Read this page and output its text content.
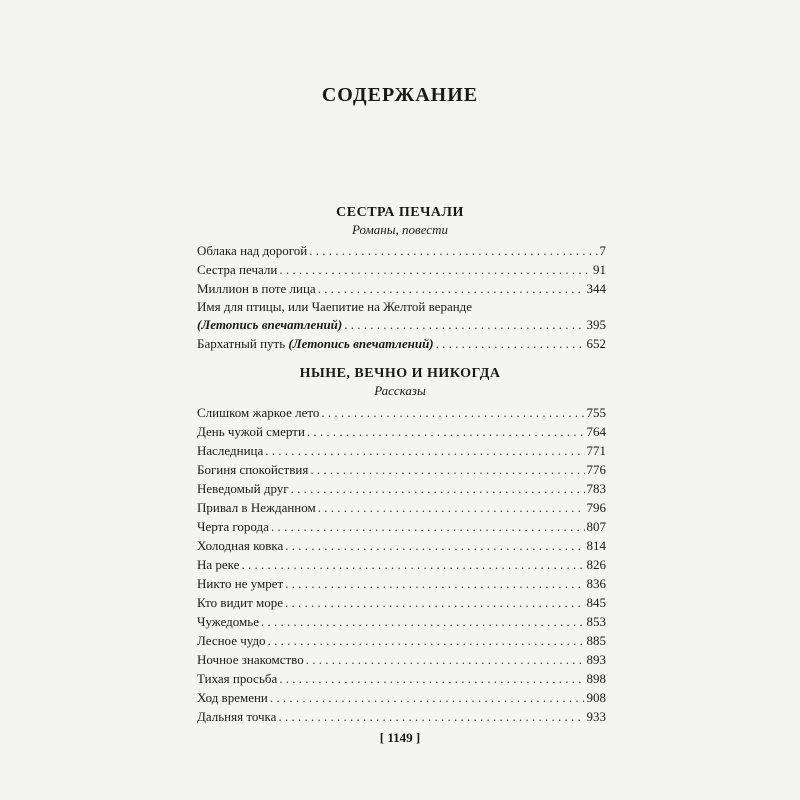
СОДЕРЖАНИЕ
СЕСТРА ПЕЧАЛИ
Романы, повести
Облака над дорогой . . .	7
Сестра печали . . .	91
Миллион в поте лица . . .	344
Имя для птицы, или Чаепитие на Желтой веранде
(Летопись впечатлений) . . .	395
Бархатный путь (Летопись впечатлений) . . .	652
НЫНЕ, ВЕЧНО И НИКОГДА
Рассказы
Слишком жаркое лето . . .	755
День чужой смерти . . .	764
Наследница . . .	771
Богиня спокойствия . . .	776
Неведомый друг . . .	783
Привал в Нежданном . . .	796
Черта города . . .	807
Холодная ковка . . .	814
На реке . . .	826
Никто не умрет . . .	836
Кто видит море . . .	845
Чужедомье . . .	853
Лесное чудо . . .	885
Ночное знакомство . . .	893
Тихая просьба . . .	898
Ход времени . . .	908
Дальняя точка . . .	933
[ 1149 ]
